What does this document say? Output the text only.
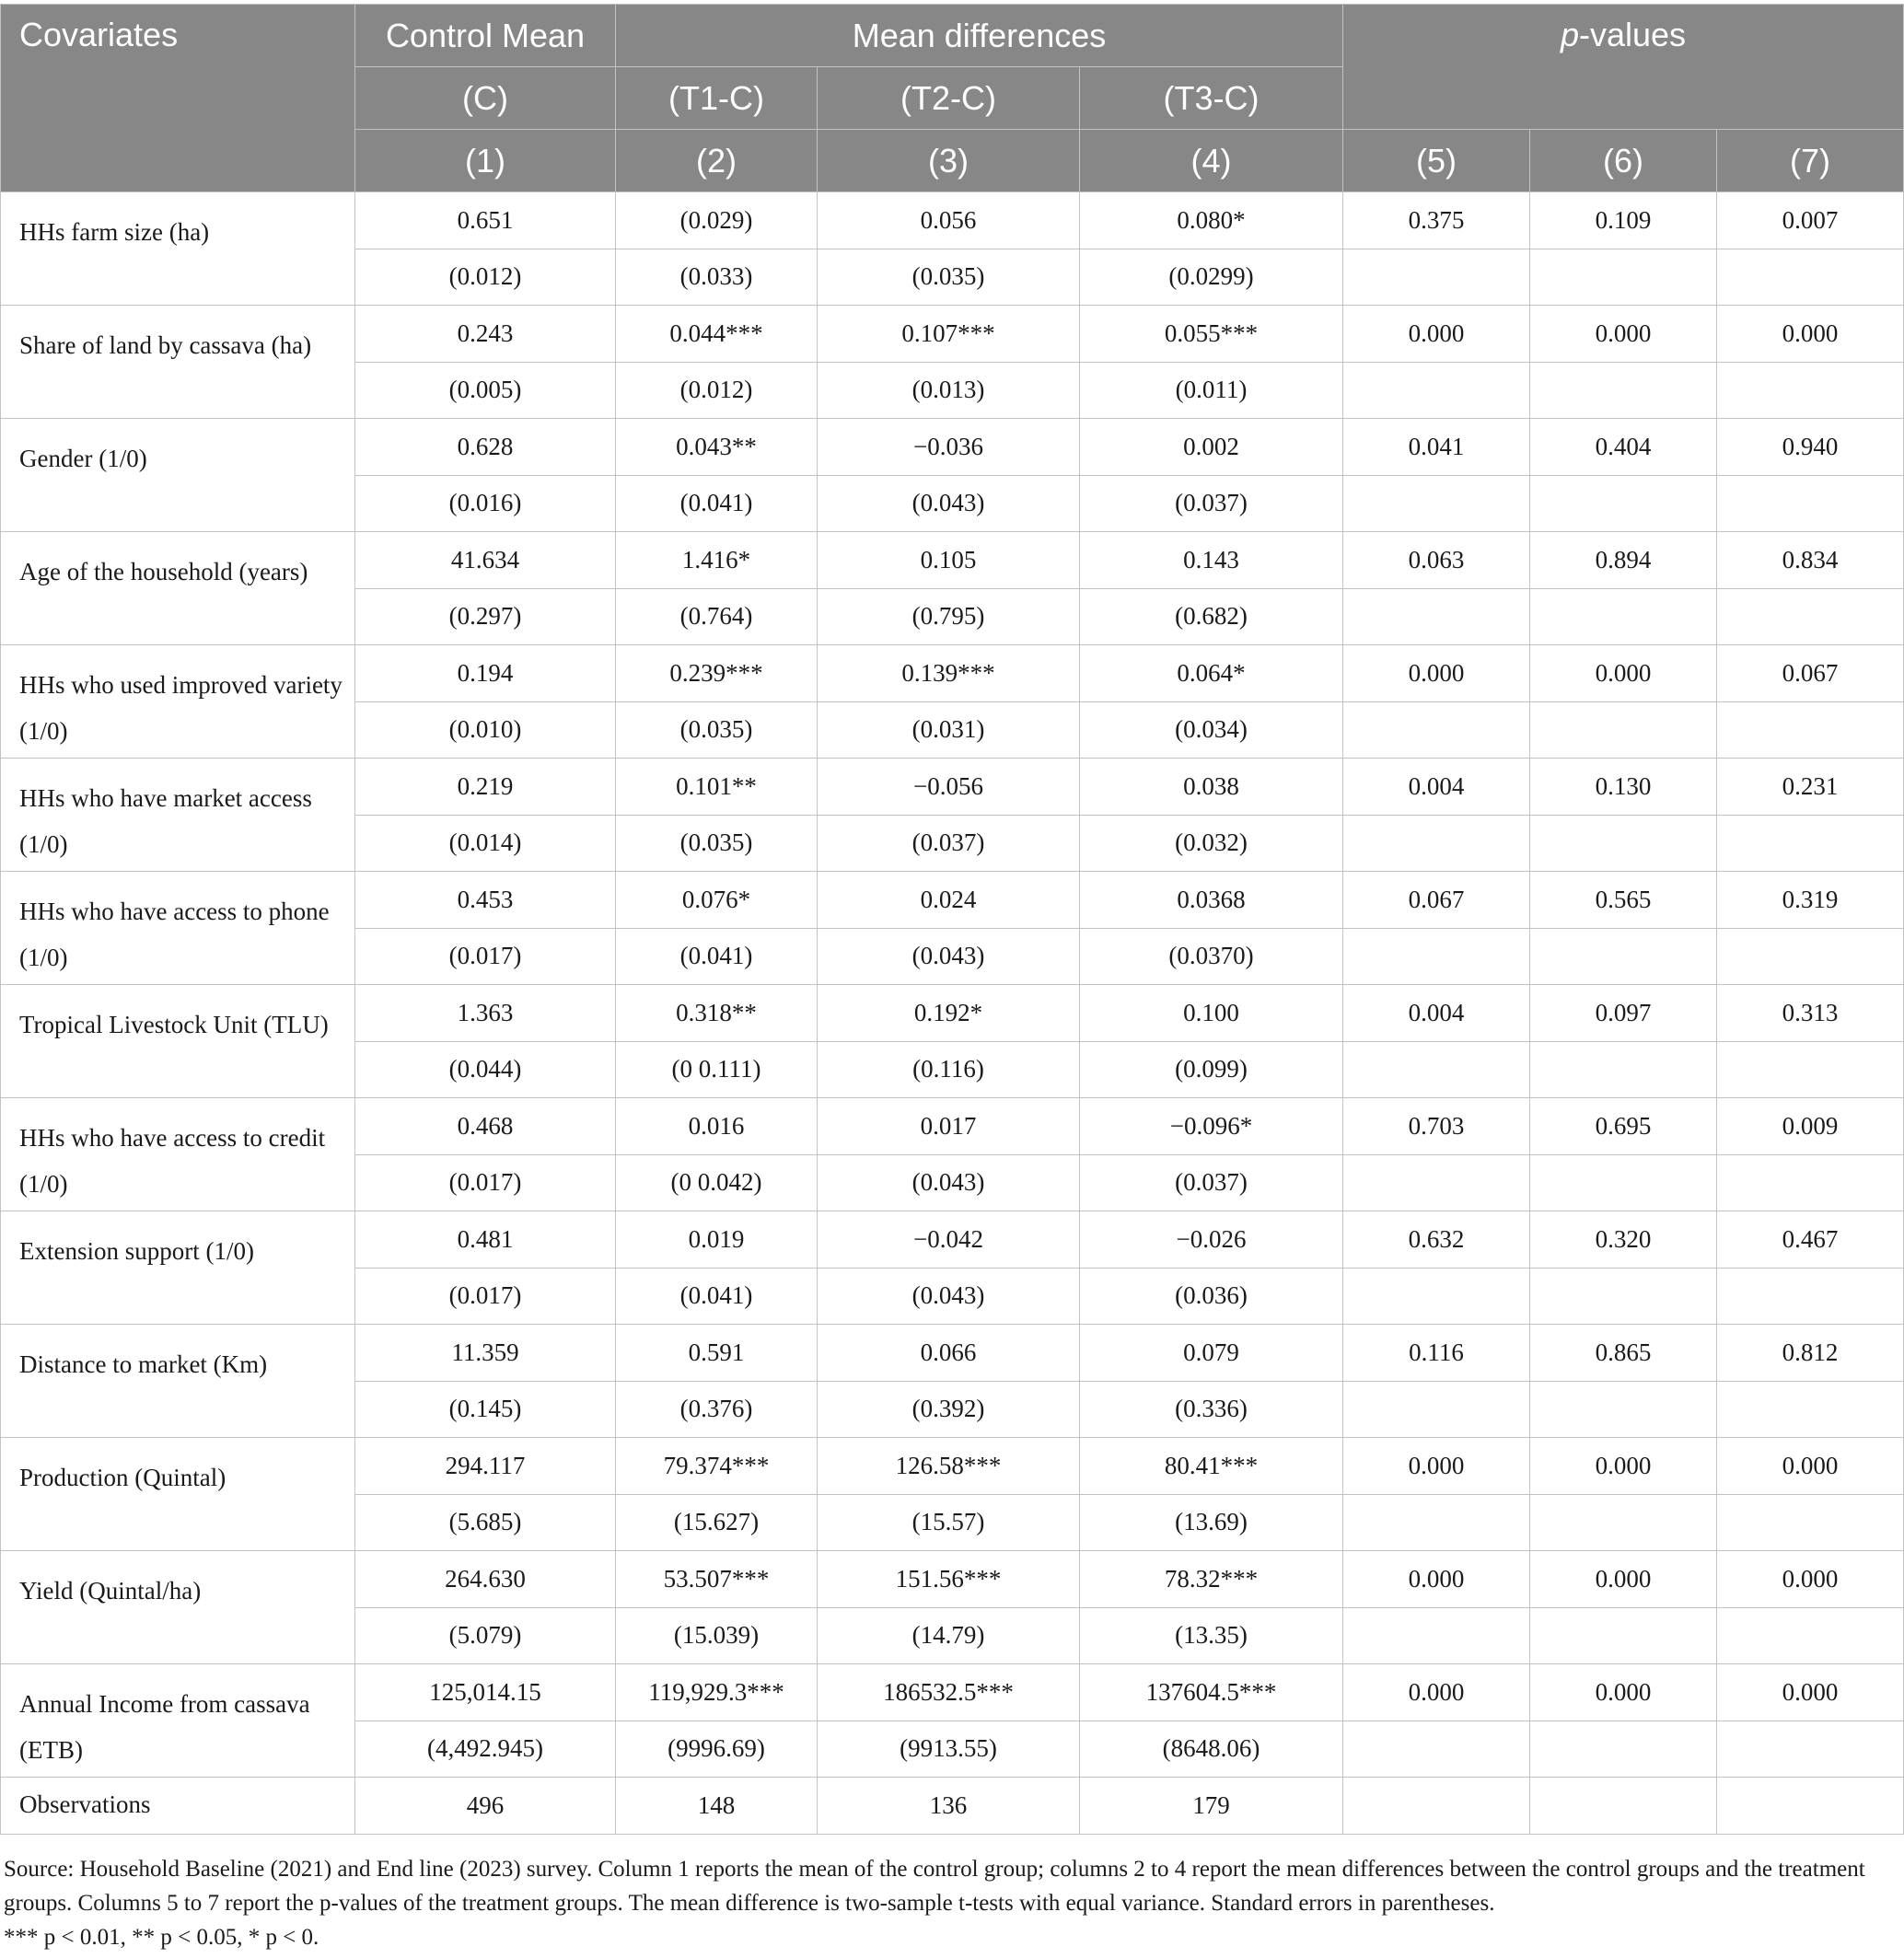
Covariates	Control Mean	Mean differences			p-values		
	(C)	(T1-C)	(T2-C)	(T3-C)			
	(1)	(2)	(3)	(4)	(5)	(6)	(7)
HHs farm size (ha)	0.651	(0.029)	0.056	0.080*	0.375	0.109	0.007
	(0.012)	(0.033)	(0.035)	(0.0299)			
Share of land by cassava (ha)	0.243	0.044***	0.107***	0.055***	0.000	0.000	0.000
	(0.005)	(0.012)	(0.013)	(0.011)			
Gender (1/0)	0.628	0.043**	−0.036	0.002	0.041	0.404	0.940
	(0.016)	(0.041)	(0.043)	(0.037)			
Age of the household (years)	41.634	1.416*	0.105	0.143	0.063	0.894	0.834
	(0.297)	(0.764)	(0.795)	(0.682)			
HHs who used improved variety (1/0)	0.194	0.239***	0.139***	0.064*	0.000	0.000	0.067
	(0.010)	(0.035)	(0.031)	(0.034)			
HHs who have market access (1/0)	0.219	0.101**	−0.056	0.038	0.004	0.130	0.231
	(0.014)	(0.035)	(0.037)	(0.032)			
HHs who have access to phone (1/0)	0.453	0.076*	0.024	0.0368	0.067	0.565	0.319
	(0.017)	(0.041)	(0.043)	(0.0370)			
Tropical Livestock Unit (TLU)	1.363	0.318**	0.192*	0.100	0.004	0.097	0.313
	(0.044)	(0 0.111)	(0.116)	(0.099)			
HHs who have access to credit (1/0)	0.468	0.016	0.017	−0.096*	0.703	0.695	0.009
	(0.017)	(0 0.042)	(0.043)	(0.037)			
Extension support (1/0)	0.481	0.019	−0.042	−0.026	0.632	0.320	0.467
	(0.017)	(0.041)	(0.043)	(0.036)			
Distance to market (Km)	11.359	0.591	0.066	0.079	0.116	0.865	0.812
	(0.145)	(0.376)	(0.392)	(0.336)			
Production (Quintal)	294.117	79.374***	126.58***	80.41***	0.000	0.000	0.000
	(5.685)	(15.627)	(15.57)	(13.69)			
Yield (Quintal/ha)	264.630	53.507***	151.56***	78.32***	0.000	0.000	0.000
	(5.079)	(15.039)	(14.79)	(13.35)			
Annual Income from cassava (ETB)	125,014.15	119,929.3***	186532.5***	137604.5***	0.000	0.000	0.000
	(4,492.945)	(9996.69)	(9913.55)	(8648.06)			
Observations	496	148	136	179			

Source: Household Baseline (2021) and End line (2023) survey. Column 1 reports the mean of the control group; columns 2 to 4 report the mean differences between the control groups and the treatment groups. Columns 5 to 7 report the p-values of the treatment groups. The mean difference is two-sample t-tests with equal variance. Standard errors in parentheses.

*** p < 0.01, ** p < 0.05, * p < 0.
